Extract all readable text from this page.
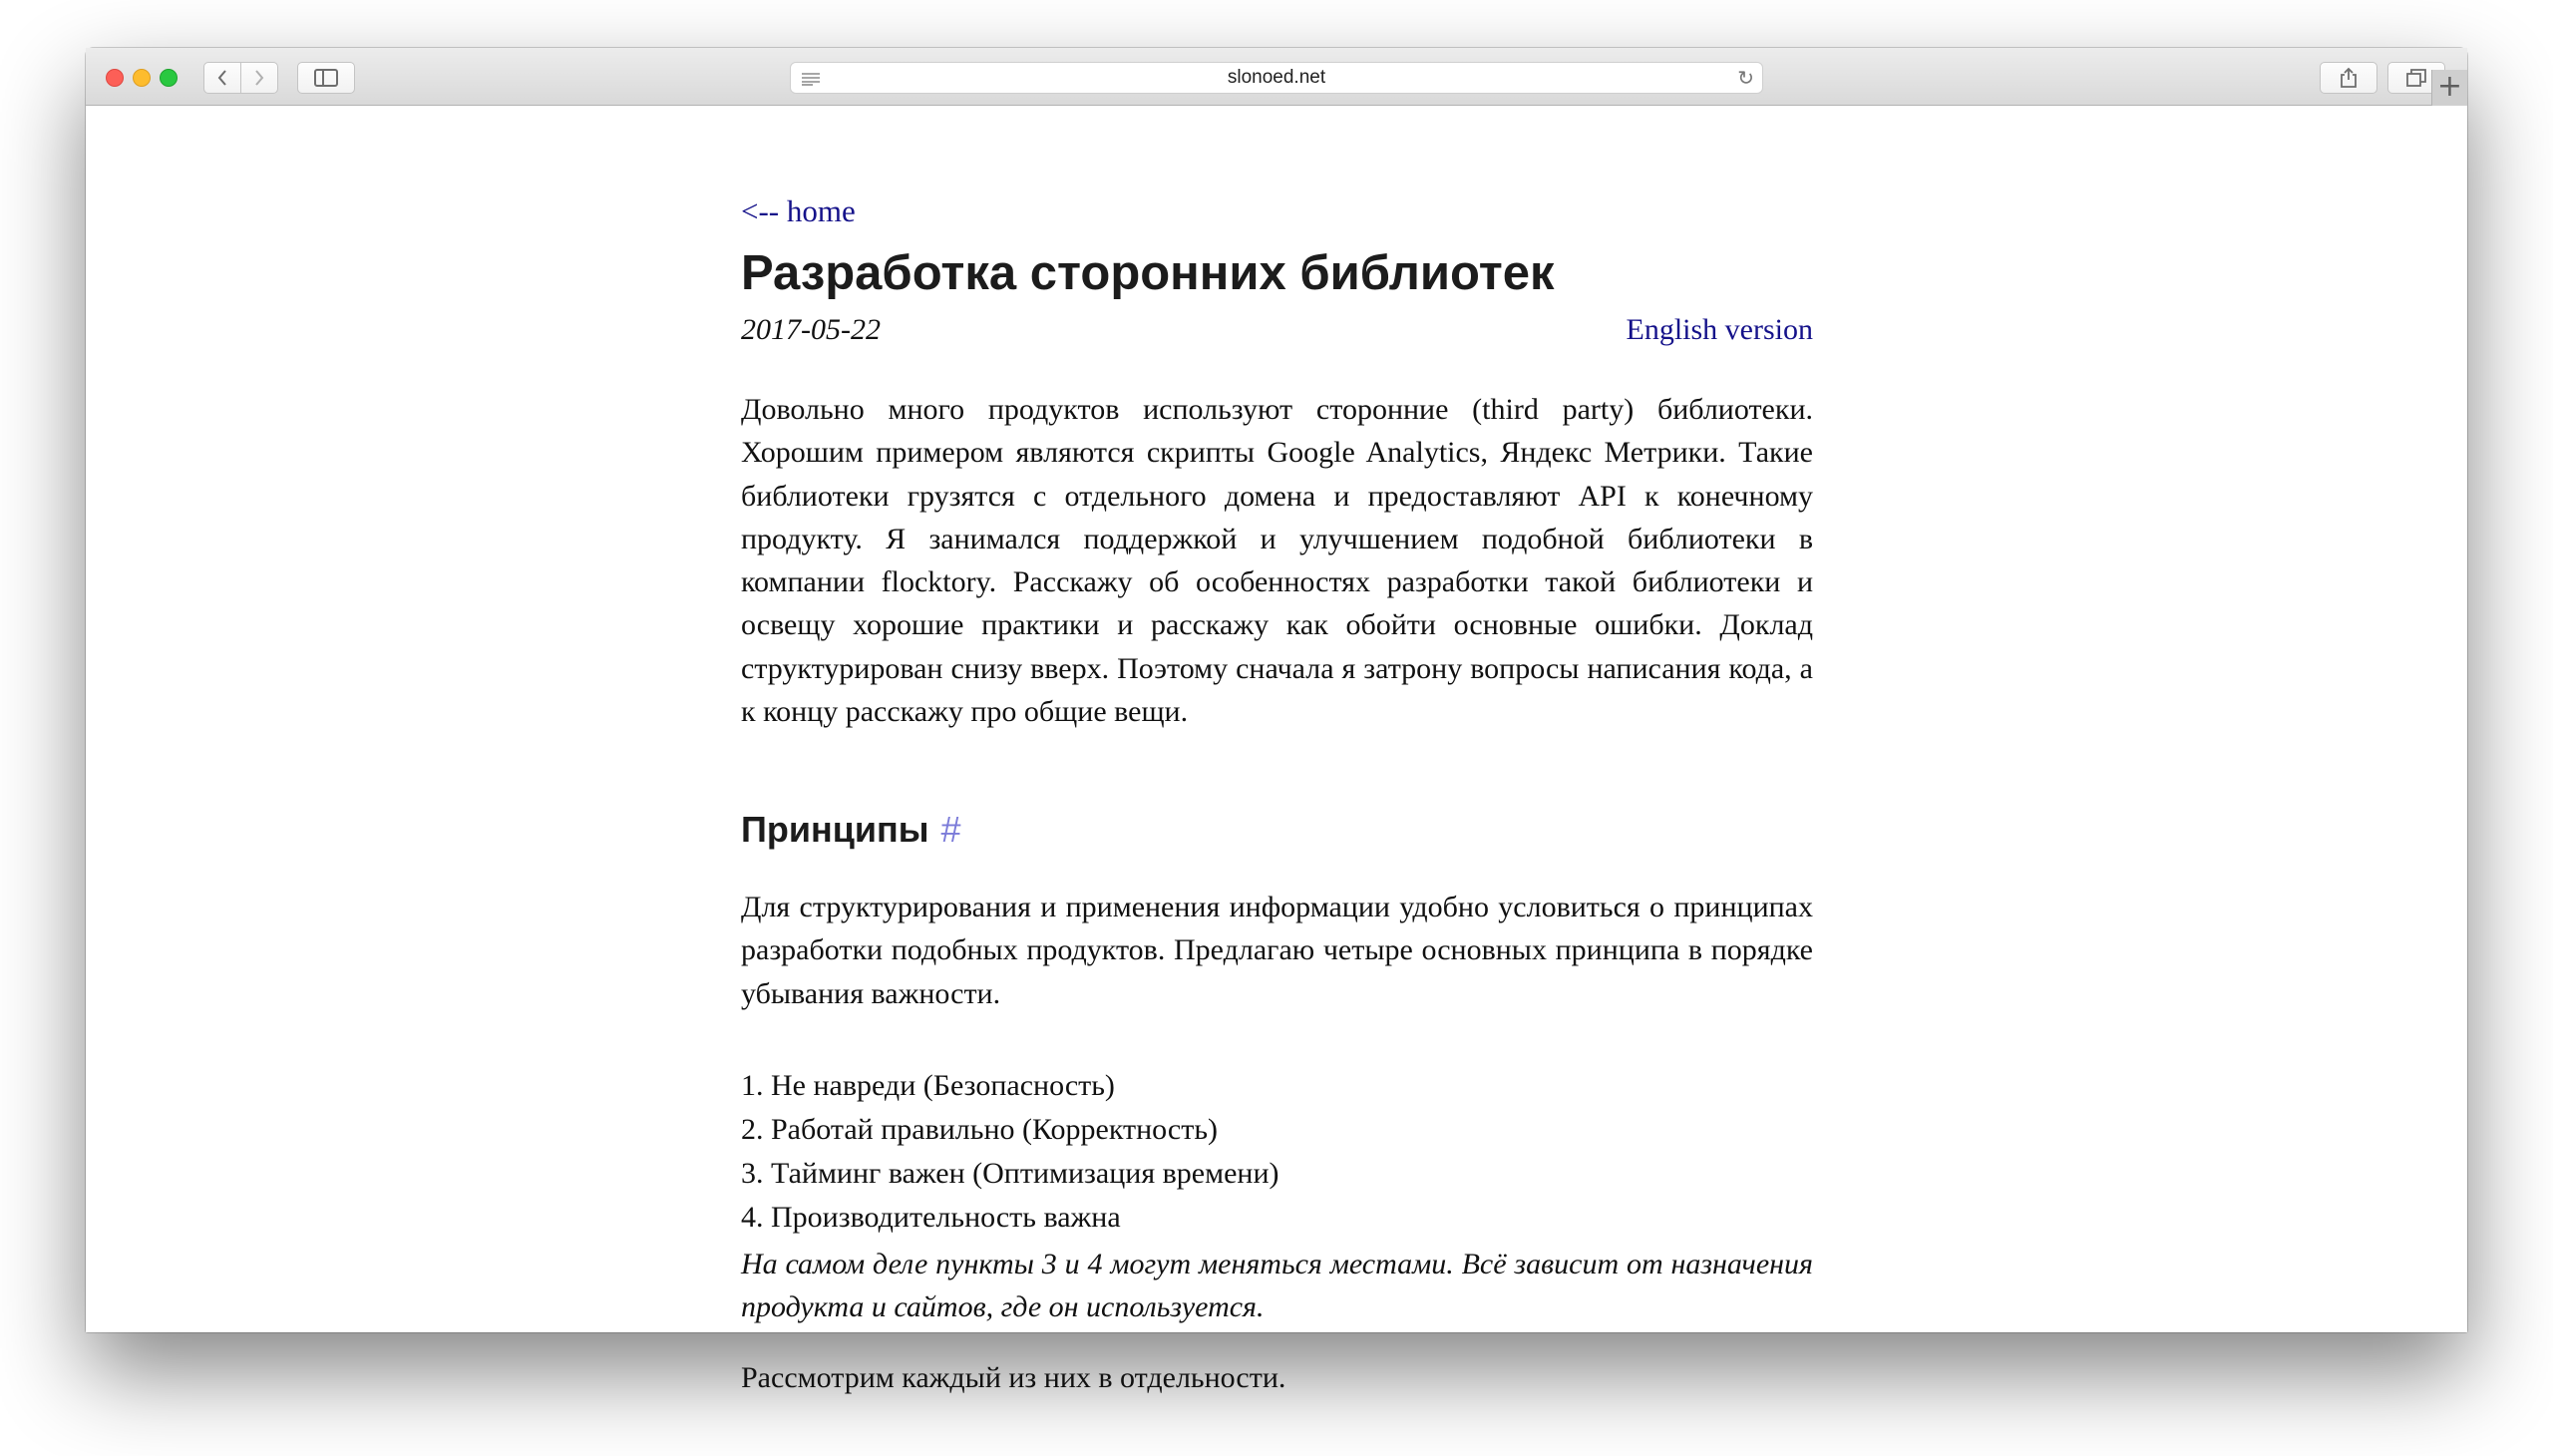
slonoed.net	↻	+
<-- home
Разработка сторонних библиотек
2017-05-22	English version

Довольно много продуктов используют сторонние (third party) библиотеки. Хорошим примером являются скрипты Google Analytics, Яндекс Метрики. Такие библиотеки грузятся с отдельного домена и предоставляют API к конечному продукту. Я занимался поддержкой и улучшением подобной библиотеки в компании flocktory. Расскажу об особенностях разработки такой библиотеки и освещу хорошие практики и расскажу как обойти основные ошибки. Доклад структурирован снизу вверх. Поэтому сначала я затрону вопросы написания кода, а к концу расскажу про общие вещи.

Принципы #

Для структурирования и применения информации удобно условиться о принципах разработки подобных продуктов. Предлагаю четыре основных принципа в порядке убывания важности.

1. Не навреди (Безопасность)
2. Работай правильно (Корректность)
3. Тайминг важен (Оптимизация времени)
4. Производительность важна

На самом деле пункты 3 и 4 могут меняться местами. Всё зависит от назначения продукта и сайтов, где он используется.

Рассмотрим каждый из них в отдельности.
